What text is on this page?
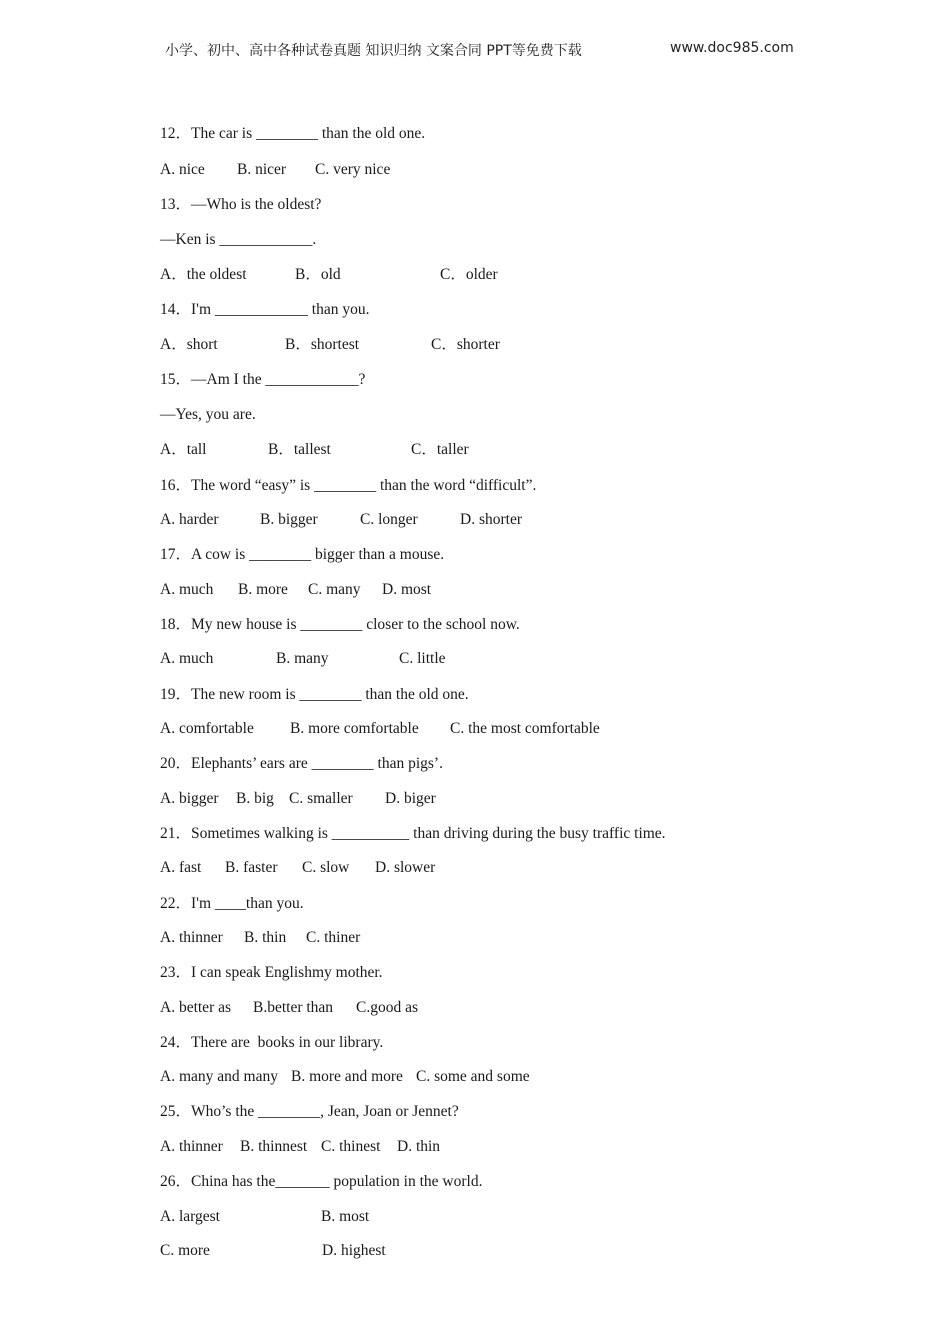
小学、初中、高中各种试卷真题 知识归纳 文案合同 PPT等免费下载	www.doc985.com
12．The car is ________ than the old one.
A. nice B. nicer C. very nice
13．—Who is the oldest?
—Ken is ____________.
A．the oldest	B．old	C．older
14．I'm ____________ than you.
A．short	B．shortest	C．shorter
15．—Am I the ____________?
—Yes, you are.
A．tall	B．tallest	C．taller
16．The word “easy” is ________ than the word “difficult”.
A. harder	B. bigger	C. longer	D. shorter
17．A cow is ________ bigger than a mouse.
A. much B. more C. many D. most
18．My new house is ________ closer to the school now.
A. much	B. many	C. little
19．The new room is ________ than the old one.
A. comfortable B. more comfortable C. the most comfortable
20．Elephants’ ears are ________ than pigs’.
A. bigger B. big C. smaller D. biger
21．Sometimes walking is __________ than driving during the busy traffic time.
A. fast B. faster C. slow D. slower
22．I'm ____than you.
A. thinner B. thin C. thiner
23．I can speak Englishmy mother.
A. better as B.better than C.good as
24．There are  books in our library.
A. many and many B. more and more C. some and some
25．Who’s the ________, Jean, Joan or Jennet?
A. thinner B. thinnest C. thinest D. thin
26．China has the_______ population in the world.
A. largest	B. most
C. more	D. highest
